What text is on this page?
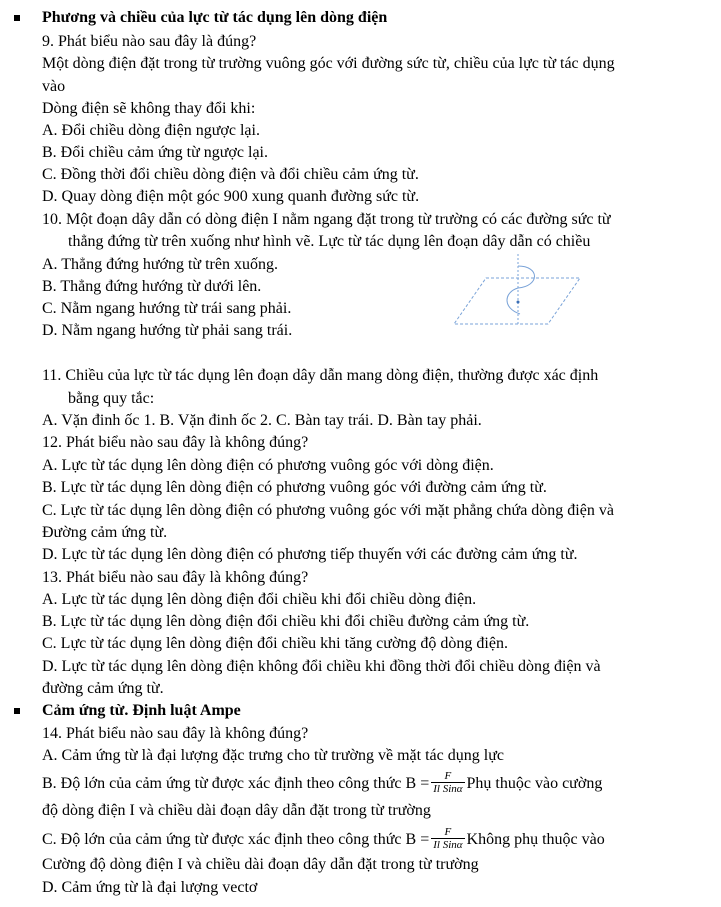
Phương và chiều của lực từ tác dụng lên dòng điện
9. Phát biểu nào sau đây là đúng?
Một dòng điện đặt trong từ trường vuông góc với đường sức từ, chiều của lực từ tác dụng
vào
Dòng điện sẽ không thay đổi khi:
A. Đổi chiều dòng điện ngược lại.
B. Đổi chiều cảm ứng từ ngược lại.
C. Đồng thời đổi chiều dòng điện và đổi chiều cảm ứng từ.
D. Quay dòng điện một góc 900 xung quanh đường sức từ.
10. Một đoạn dây dẫn có dòng điện I nằm ngang đặt trong từ trường có các đường sức từ
thẳng đứng từ trên xuống như hình vẽ. Lực từ tác dụng lên đoạn dây dẫn có chiều
A. Thẳng đứng hướng từ trên xuống.
B. Thẳng đứng hướng từ dưới lên.
C. Nằm ngang hướng từ trái sang phải.
D. Nằm ngang hướng từ phải sang trái.
11. Chiều của lực từ tác dụng lên đoạn dây dẫn mang dòng điện, thường được xác định
bằng quy tắc:
A. Vặn đinh ốc 1. B. Vặn đinh ốc 2. C. Bàn tay trái. D. Bàn tay phải.
12. Phát biểu nào sau đây là không đúng?
A. Lực từ tác dụng lên dòng điện có phương vuông góc với dòng điện.
B. Lực từ tác dụng lên dòng điện có phương vuông góc với đường cảm ứng từ.
C. Lực từ tác dụng lên dòng điện có phương vuông góc với mặt phẳng chứa dòng điện và
Đường cảm ứng từ.
D. Lực từ tác dụng lên dòng điện có phương tiếp thuyến với các đường cảm ứng từ.
13. Phát biểu nào sau đây là không đúng?
A. Lực từ tác dụng lên dòng điện đổi chiều khi đổi chiều dòng điện.
B. Lực từ tác dụng lên dòng điện đổi chiều khi đổi chiều đường cảm ứng từ.
C. Lực từ tác dụng lên dòng điện đổi chiều khi tăng cường độ dòng điện.
D. Lực từ tác dụng lên dòng điện không đổi chiều khi đồng thời đổi chiều dòng điện và
đường cảm ứng từ.
Cảm ứng từ. Định luật Ampe
14. Phát biểu nào sau đây là không đúng?
A. Cảm ứng từ là đại lượng đặc trưng cho từ trường về mặt tác dụng lực
B. Độ lớn của cảm ứng từ được xác định theo công thức $B = \frac{F}{\text{Il Sinα}}$ Phụ thuộc vào cường
độ dòng điện I và chiều dài đoạn dây dẫn đặt trong từ trường
C. Độ lớn của cảm ứng từ được xác định theo công thức $B = \frac{F}{\text{Il Sinα}}$ Không phụ thuộc vào
Cường độ dòng điện I và chiều dài đoạn dây dẫn đặt trong từ trường
D. Cảm ứng từ là đại lượng vectơ
